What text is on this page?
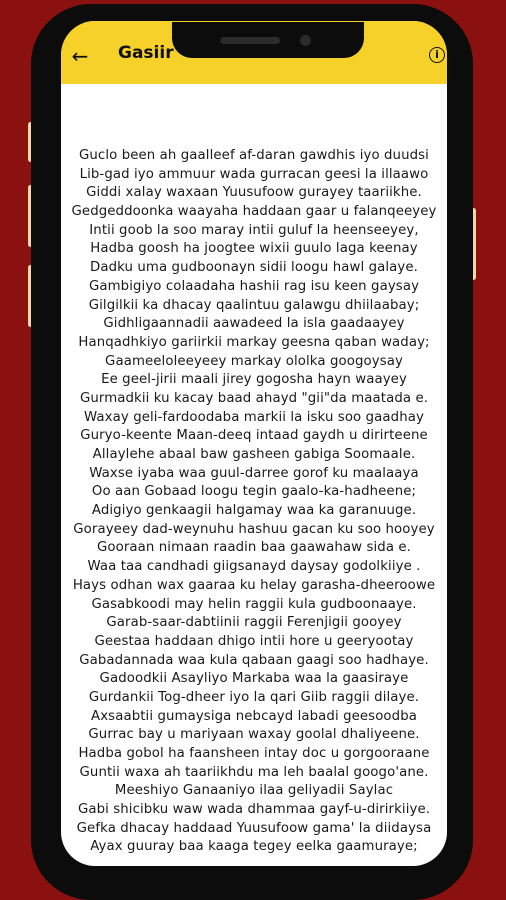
← Gasiir	i
Guclo been ah gaalleef af-daran gawdhis iyo duudsi
Lib-gad iyo ammuur wada gurracan geesi la illaawo
Giddi xalay waxaan Yuusufoow gurayey taariikhe.
Gedgeddoonka waayaha haddaan gaar u falanqeeyey
Intii goob la soo maray intii guluf la heenseeyey,
Hadba goosh ha joogtee wixii guulo laga keenay
Dadku uma gudboonayn sidii loogu hawl galaye.
Gambigiyo colaadaha hashii rag isu keen gaysay
Gilgilkii ka dhacay qaalintuu galawgu dhiilaabay;
Gidhligaannadii aawadeed la isla gaadaayey
Hanqadhkiyo gariirkii markay geesna qaban waday;
Gaameeloleeyeey markay ololka googoysay
Ee geel-jirii maali jirey gogosha hayn waayey
Gurmadkii ku kacay baad ahayd "gii"da maatada e.
Waxay geli-fardoodaba markii la isku soo gaadhay
Guryo-keente Maan-deeq intaad gaydh u dirirteene
Allaylehe abaal baw gasheen gabiga Soomaale.
Waxse iyaba waa guul-darree gorof ku maalaaya
Oo aan Gobaad loogu tegin gaalo-ka-hadheene;
Adigiyo genkaagii halgamay waa ka garanuuge.
Gorayeey dad-weynuhu hashuu gacan ku soo hooyey
Gooraan nimaan raadin baa gaawahaw sida e.
Waa taa candhadi giigsanayd daysay godolkiiye .
Hays odhan wax gaaraa ku helay garasha-dheeroowe
Gasabkoodi may helin raggii kula gudboonaaye.
Garab-saar-dabtiinii raggii Ferenjigii gooyey
Geestaa haddaan dhigo intii hore u geeryootay
Gabadannada waa kula qabaan gaagi soo hadhaye.
Gadoodkii Asayliyo Markaba waa la gaasiraye
Gurdankii Tog-dheer iyo la qari Giib raggii dilaye.
Axsaabtii gumaysiga nebcayd labadi geesoodba
Gurrac bay u mariyaan waxay goolal dhaliyeene.
Hadba gobol ha faansheen intay doc u gorgooraane
Guntii waxa ah taariikhdu ma leh baalal googo'ane.
Meeshiyo Ganaaniyo ilaa geliyadii Saylac
Gabi shicibku waw wada dhammaa gayf-u-dirirkiiye.
Gefka dhacay haddaad Yuusufoow gama' la diidaysa
Ayax guuray baa kaaga tegey eelka gaamuraye;
